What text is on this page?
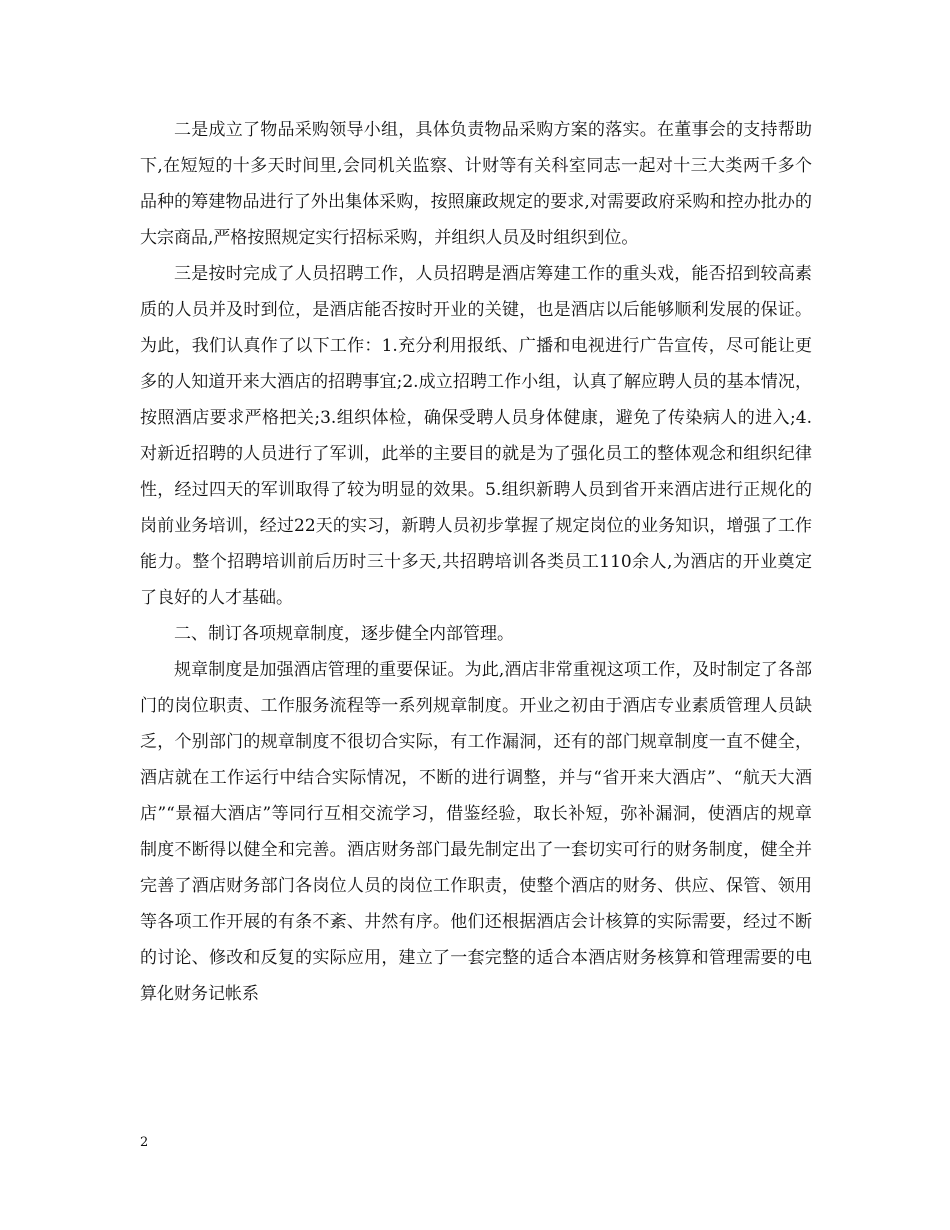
二是成立了物品采购领导小组，具体负责物品采购方案的落实。在董事会的支持帮助下,在短短的十多天时间里,会同机关监察、计财等有关科室同志一起对十三大类两千多个品种的筹建物品进行了外出集体采购，按照廉政规定的要求,对需要政府采购和控办批办的大宗商品,严格按照规定实行招标采购，并组织人员及时组织到位。

三是按时完成了人员招聘工作，人员招聘是酒店筹建工作的重头戏，能否招到较高素质的人员并及时到位，是酒店能否按时开业的关键，也是酒店以后能够顺利发展的保证。为此，我们认真作了以下工作：1.充分利用报纸、广播和电视进行广告宣传，尽可能让更多的人知道开来大酒店的招聘事宜;2.成立招聘工作小组，认真了解应聘人员的基本情况，按照酒店要求严格把关;3.组织体检，确保受聘人员身体健康，避免了传染病人的进入;4.对新近招聘的人员进行了军训，此举的主要目的就是为了强化员工的整体观念和组织纪律性，经过四天的军训取得了较为明显的效果。5.组织新聘人员到省开来酒店进行正规化的岗前业务培训，经过22天的实习，新聘人员初步掌握了规定岗位的业务知识，增强了工作能力。整个招聘培训前后历时三十多天,共招聘培训各类员工110余人,为酒店的开业奠定了良好的人才基础。

二、制订各项规章制度，逐步健全内部管理。

规章制度是加强酒店管理的重要保证。为此,酒店非常重视这项工作，及时制定了各部门的岗位职责、工作服务流程等一系列规章制度。开业之初由于酒店专业素质管理人员缺乏，个别部门的规章制度不很切合实际，有工作漏洞，还有的部门规章制度一直不健全，酒店就在工作运行中结合实际情况，不断的进行调整，并与“省开来大酒店”、“航天大酒店”“景福大酒店”等同行互相交流学习，借鉴经验，取长补短，弥补漏洞，使酒店的规章制度不断得以健全和完善。酒店财务部门最先制定出了一套切实可行的财务制度，健全并完善了酒店财务部门各岗位人员的岗位工作职责，使整个酒店的财务、供应、保管、领用等各项工作开展的有条不紊、井然有序。他们还根据酒店会计核算的实际需要，经过不断的讨论、修改和反复的实际应用，建立了一套完整的适合本酒店财务核算和管理需要的电算化财务记帐系

2
